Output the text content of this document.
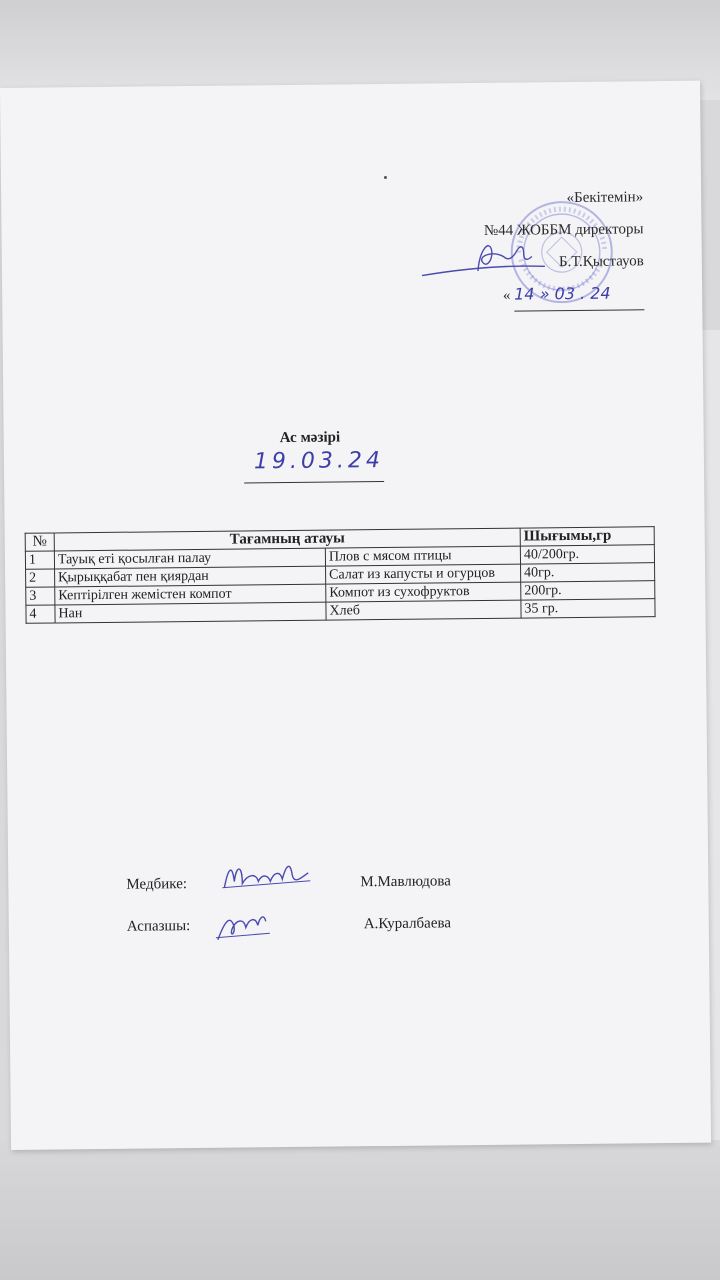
«Бекітемін»
№44 ЖОББМ директоры
Б.Т.Қыстауов
« 14 » 03 . 24
Ас мәзірі
19.03.24
№	Тағамның атауы		Шығымы,гр
1	Тауық еті қосылған палау	Плов с мясом птицы	40/200гр.
2	Қырыққабат пен қиярдан	Салат из капусты и огурцов	40гр.
3	Кептірілген жемістен компот	Компот из сухофруктов	200гр.
4	Нан	Хлеб	35 гр.
Медбике:	М.Мавлюдова
Аспазшы:	А.Куралбаева
